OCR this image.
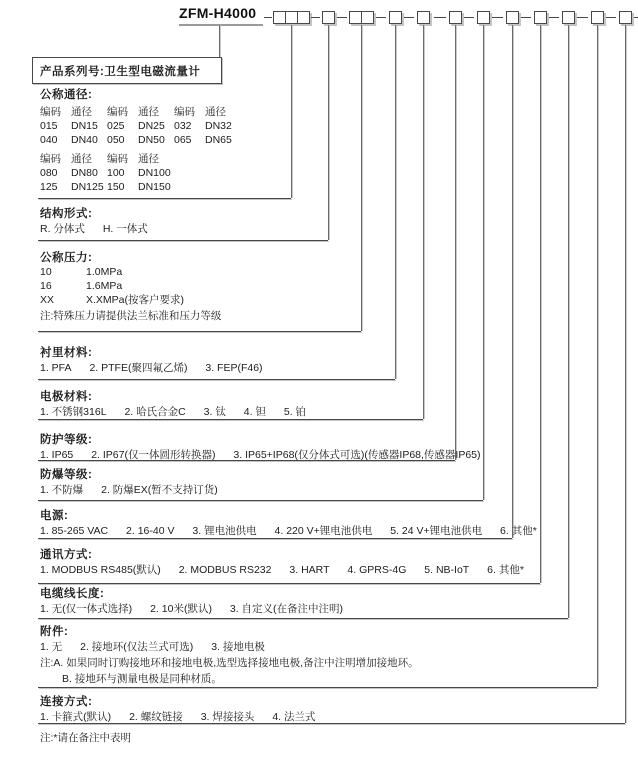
ZFM-H4000
产品系列号:卫生型电磁流量计
公称通径:
编码 通径 编码 通径 编码 通径
015 DN15 025 DN25 032 DN32
040 DN40 050 DN50 065 DN65
编码 通径 编码 通径
080 DN80 100 DN100
125 DN125 150 DN150
结构形式:
R. 分体式 H. 一体式
公称压力:
10	1.0MPa
16	1.6MPa
XX	X.XMPa(按客户要求)
注:特殊压力请提供法兰标准和压力等级
衬里材料:
1. PFA 2. PTFE(聚四氟乙烯) 3. FEP(F46)
电极材料:
1. 不锈钢316L 2. 哈氏合金C 3. 钛 4. 钽 5. 铂
防护等级:
1. IP65 2. IP67(仅一体圆形转换器) 3. IP65+IP68(仅分体式可选)(传感器IP68,传感器IP65)
防爆等级:
1. 不防爆 2. 防爆EX(暂不支持订货)
电源:
1. 85-265 VAC 2. 16-40 V 3. 锂电池供电 4. 220 V+锂电池供电 5. 24 V+锂电池供电 6. 其他*
通讯方式:
1. MODBUS RS485(默认) 2. MODBUS RS232 3. HART 4. GPRS-4G 5. NB-IoT 6. 其他*
电缆线长度:
1. 无(仅一体式选择) 2. 10米(默认) 3. 自定义(在备注中注明)
附件:
1. 无 2. 接地环(仅法兰式可选) 3. 接地电极
注:A. 如果同时订购接地环和接地电极,选型选择接地电极,备注中注明增加接地环。
B. 接地环与测量电极是同种材质。
连接方式:
1. 卡箍式(默认) 2. 螺纹链接 3. 焊接接头 4. 法兰式
注:*请在备注中表明
